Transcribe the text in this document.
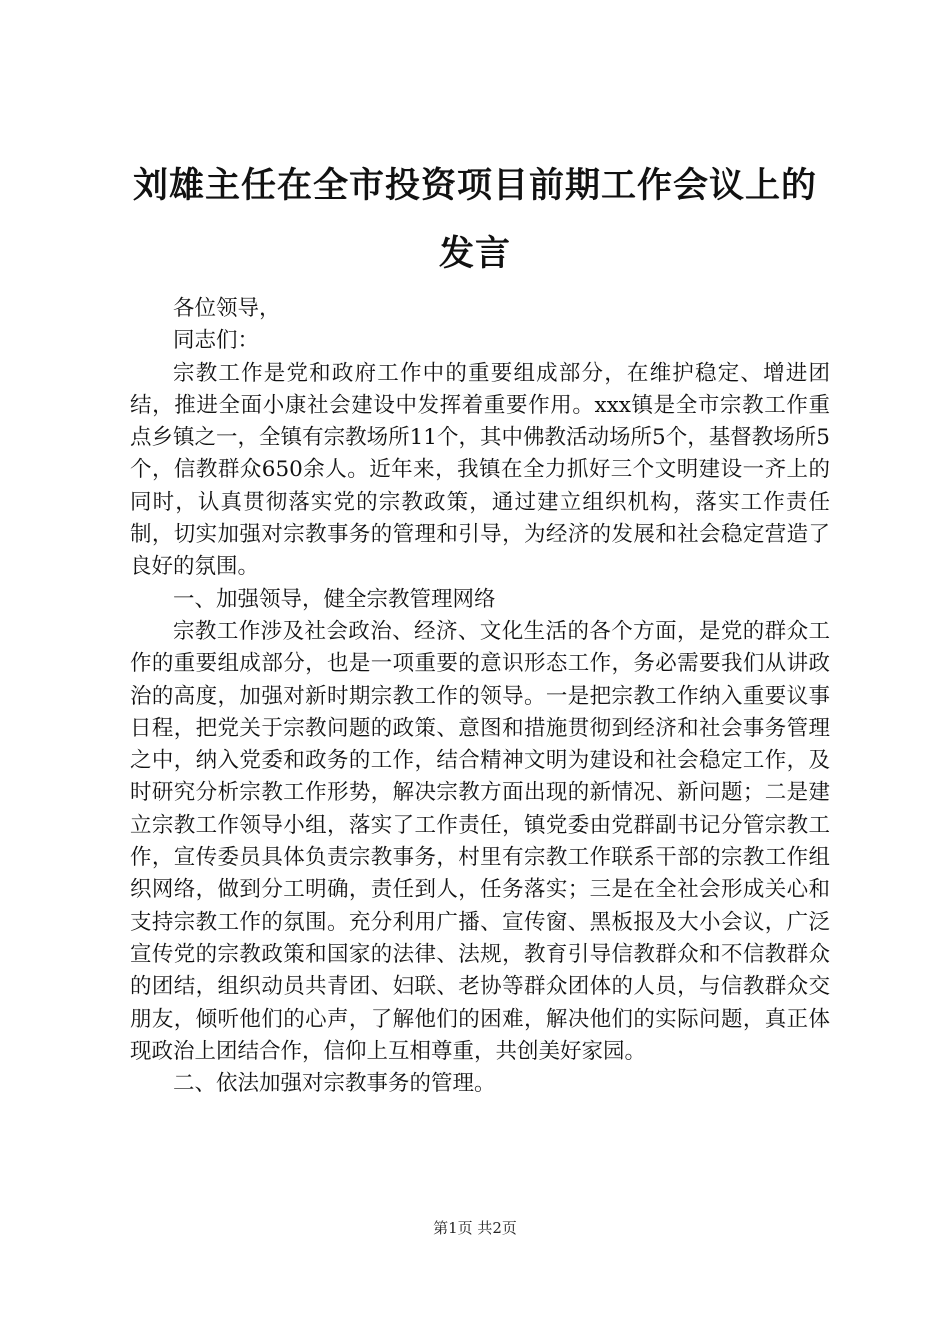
刘雄主任在全市投资项目前期工作会议上的发言

各位领导，

同志们：

宗教工作是党和政府工作中的重要组成部分，在维护稳定、增进团结，推进全面小康社会建设中发挥着重要作用。xxx镇是全市宗教工作重点乡镇之一，全镇有宗教场所11个，其中佛教活动场所5个，基督教场所5个，信教群众650余人。近年来，我镇在全力抓好三个文明建设一齐上的同时，认真贯彻落实党的宗教政策，通过建立组织机构，落实工作责任制，切实加强对宗教事务的管理和引导，为经济的发展和社会稳定营造了良好的氛围。

一、加强领导，健全宗教管理网络

宗教工作涉及社会政治、经济、文化生活的各个方面，是党的群众工作的重要组成部分，也是一项重要的意识形态工作，务必需要我们从讲政治的高度，加强对新时期宗教工作的领导。一是把宗教工作纳入重要议事日程，把党关于宗教问题的政策、意图和措施贯彻到经济和社会事务管理之中，纳入党委和政务的工作，结合精神文明为建设和社会稳定工作，及时研究分析宗教工作形势，解决宗教方面出现的新情况、新问题；二是建立宗教工作领导小组，落实了工作责任，镇党委由党群副书记分管宗教工作，宣传委员具体负责宗教事务，村里有宗教工作联系干部的宗教工作组织网络，做到分工明确，责任到人，任务落实；三是在全社会形成关心和支持宗教工作的氛围。充分利用广播、宣传窗、黑板报及大小会议，广泛宣传党的宗教政策和国家的法律、法规，教育引导信教群众和不信教群众的团结，组织动员共青团、妇联、老协等群众团体的人员，与信教群众交朋友，倾听他们的心声，了解他们的困难，解决他们的实际问题，真正体现政治上团结合作，信仰上互相尊重，共创美好家园。

二、依法加强对宗教事务的管理。

第1页 共2页
